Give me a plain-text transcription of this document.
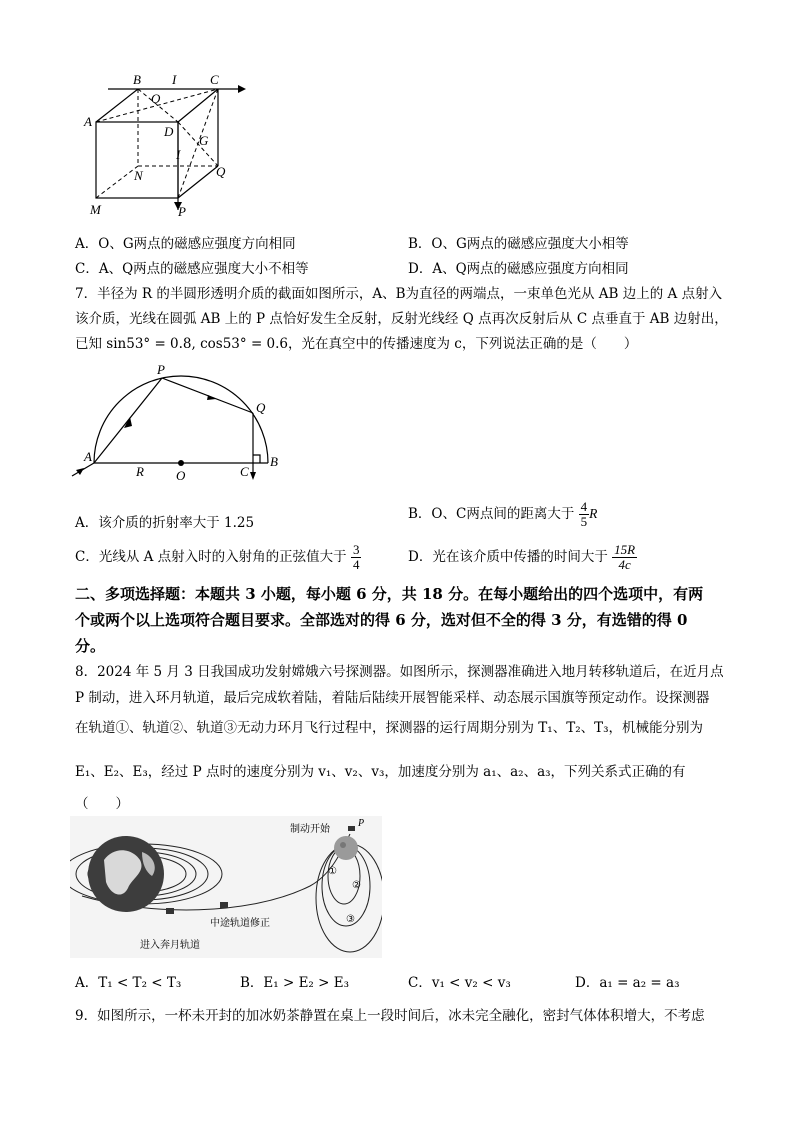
B I	C
O
A
D
G
I
N	Q
M	P
A．O、G两点的磁感应强度方向相同	B．O、G两点的磁感应强度大小相等
C．A、Q两点的磁感应强度大小不相等	D．A、Q两点的磁感应强度方向相同
7．半径为 R 的半圆形透明介质的截面如图所示，A、B为直径的两端点，一束单色光从 AB 边上的 A 点射入
该介质，光线在圆弧 AB 上的 P 点恰好发生全反射，反射光线经 Q 点再次反射后从 C 点垂直于 AB 边射出，
已知 sin53° = 0.8, cos53° = 0.6，光在真空中的传播速度为 c，下列说法正确的是（　　）
P
Q
A
R O	C
B
A．该介质的折射率大于 1.25
B．O、C两点间的距离大于 $\frac{4}{5}$ R
C．光线从 A 点射入时的入射角的正弦值大于 $\frac{3}{4}$	D．光在该介质中传播的时间大于 $\frac{15R}{4c}$
二、多项选择题：本题共 3 小题，每小题 6 分，共 18 分。在每小题给出的四个选项中，有两
个或两个以上选项符合题目要求。全部选对的得 6 分，选对但不全的得 3 分，有选错的得 0
分。
8．2024 年 5 月 3 日我国成功发射嫦娥六号探测器。如图所示，探测器准确进入地月转移轨道后，在近月点
P 制动，进入环月轨道，最后完成软着陆，着陆后陆续开展智能采样、动态展示国旗等预定动作。设探测器
在轨道①、轨道②、轨道③无动力环月飞行过程中，探测器的运行周期分别为 T₁、T₂、T₃，机械能分别为
E₁、E₂、E₃，经过 P 点时的速度分别为 v₁、v₂、v₃，加速度分别为 a₁、a₂、a₃，下列关系式正确的有
（　　）
制动开始
P
①
②
③
中途轨道修正
进入奔月轨道
A．T₁ < T₂ < T₃	B．E₁ > E₂ > E₃	C．v₁ < v₂ < v₃	D．a₁ = a₂ = a₃
9．如图所示，一杯未开封的加冰奶茶静置在桌上一段时间后，冰未完全融化，密封气体体积增大，不考虑
